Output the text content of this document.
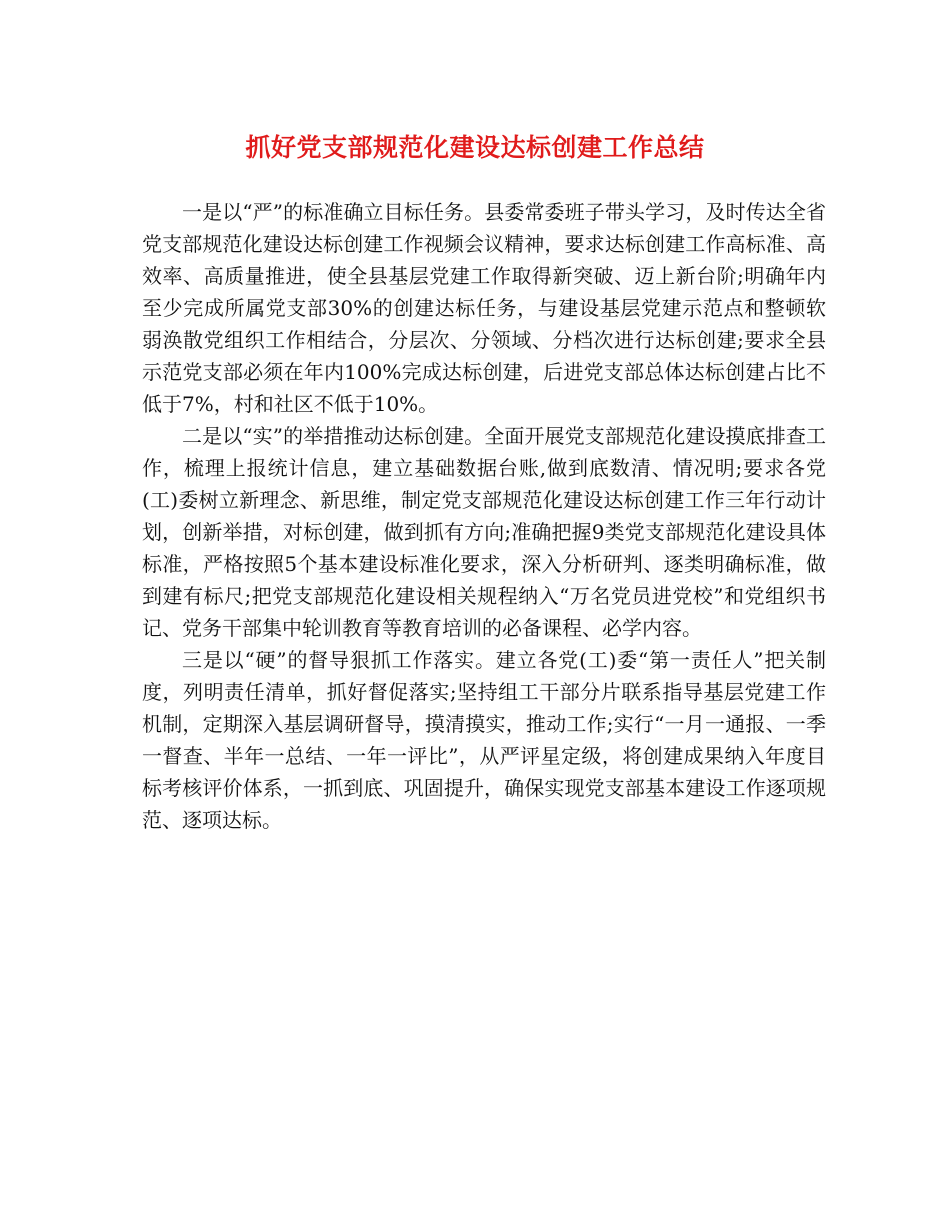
抓好党支部规范化建设达标创建工作总结

一是以“严”的标准确立目标任务。县委常委班子带头学习，及时传达全省党支部规范化建设达标创建工作视频会议精神，要求达标创建工作高标准、高效率、高质量推进，使全县基层党建工作取得新突破、迈上新台阶;明确年内至少完成所属党支部30%的创建达标任务，与建设基层党建示范点和整顿软弱涣散党组织工作相结合，分层次、分领域、分档次进行达标创建;要求全县示范党支部必须在年内100%完成达标创建，后进党支部总体达标创建占比不低于7%，村和社区不低于10%。

二是以“实”的举措推动达标创建。全面开展党支部规范化建设摸底排查工作，梳理上报统计信息，建立基础数据台账,做到底数清、情况明;要求各党(工)委树立新理念、新思维，制定党支部规范化建设达标创建工作三年行动计划，创新举措，对标创建，做到抓有方向;准确把握9类党支部规范化建设具体标准，严格按照5个基本建设标准化要求，深入分析研判、逐类明确标准，做到建有标尺;把党支部规范化建设相关规程纳入“万名党员进党校”和党组织书记、党务干部集中轮训教育等教育培训的必备课程、必学内容。

三是以“硬”的督导狠抓工作落实。建立各党(工)委“第一责任人”把关制度，列明责任清单，抓好督促落实;坚持组工干部分片联系指导基层党建工作机制，定期深入基层调研督导，摸清摸实，推动工作;实行“一月一通报、一季一督查、半年一总结、一年一评比”，从严评星定级，将创建成果纳入年度目标考核评价体系，一抓到底、巩固提升，确保实现党支部基本建设工作逐项规范、逐项达标。
